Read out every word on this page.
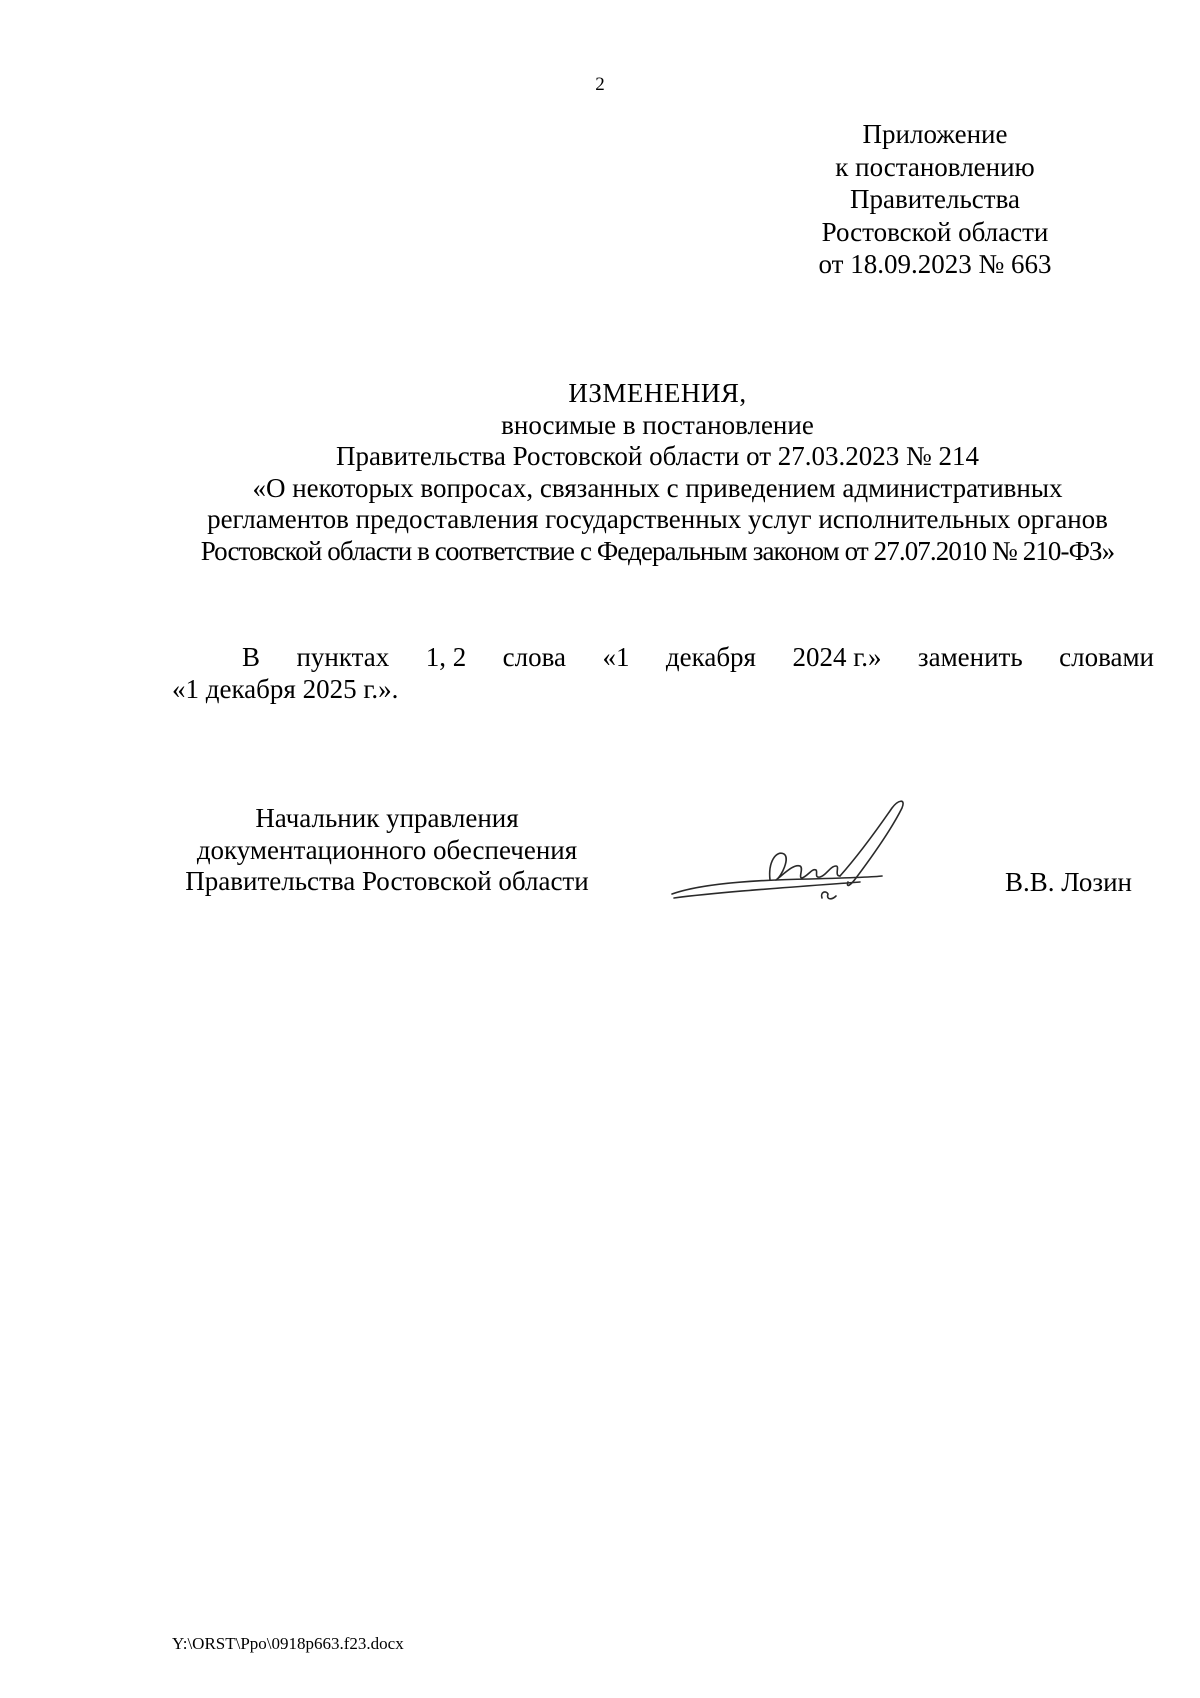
2
Приложение
к постановлению
Правительства
Ростовской области
от 18.09.2023 № 663
ИЗМЕНЕНИЯ,
вносимые в постановление
Правительства Ростовской области от 27.03.2023 № 214
«О некоторых вопросах, связанных с приведением административных
регламентов предоставления государственных услуг исполнительных органов
Ростовской области в соответствие с Федеральным законом от 27.07.2010 № 210-ФЗ»
В пунктах 1, 2 слова «1 декабря 2024 г.» заменить словами
«1 декабря 2025 г.».
Начальник управления
документационного обеспечения
Правительства Ростовской области	В.В. Лозин
Y:\ORST\Ppo\0918p663.f23.docx
